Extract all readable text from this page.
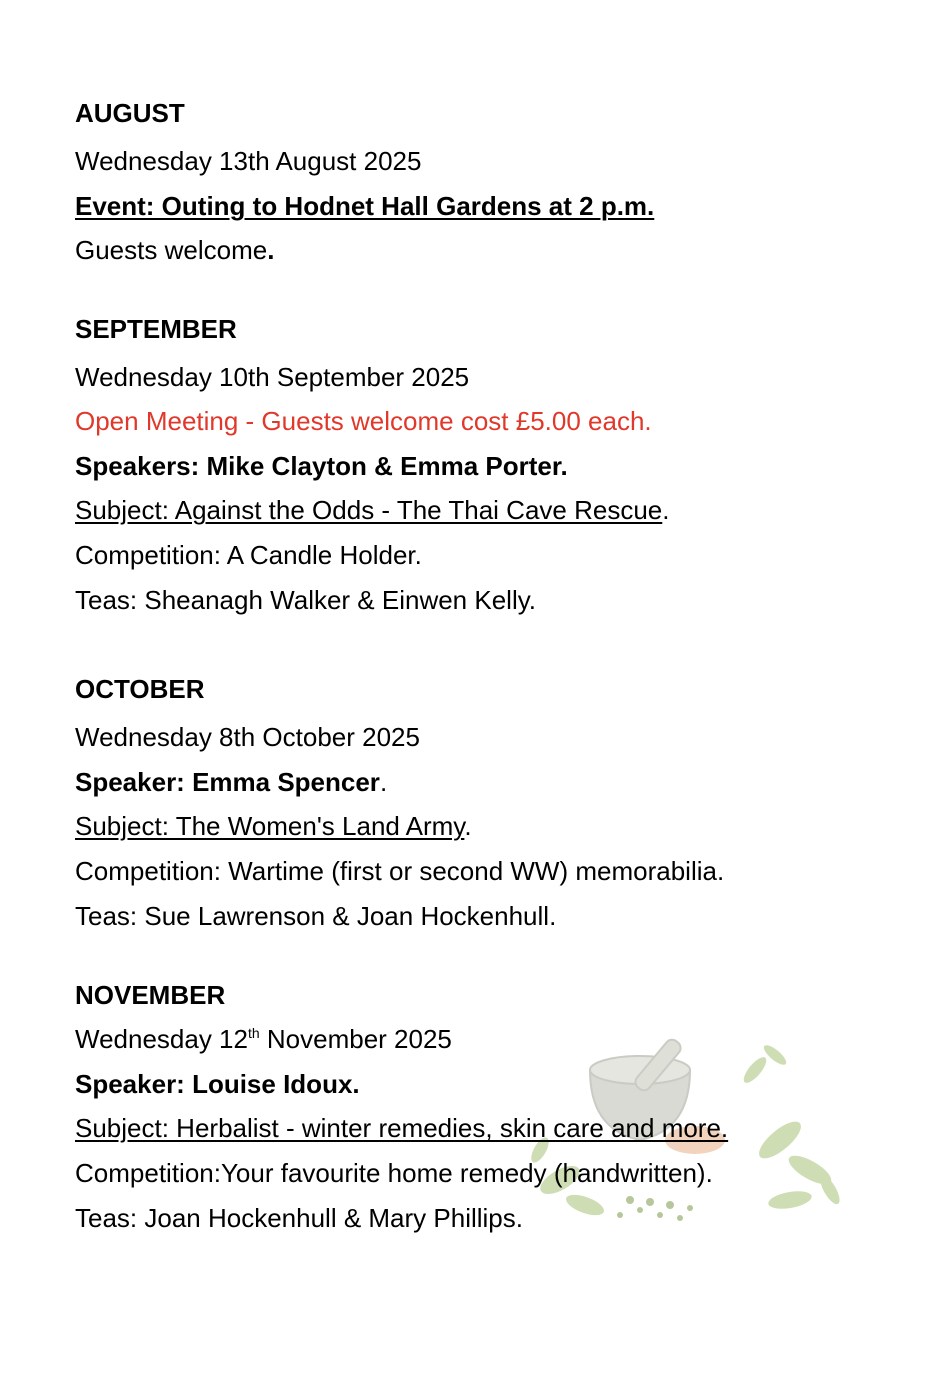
AUGUST
Wednesday 13th August 2025
Event: Outing to Hodnet Hall Gardens at 2 p.m.
Guests welcome.
SEPTEMBER
Wednesday 10th September 2025
Open Meeting - Guests welcome cost £5.00 each.
Speakers: Mike Clayton & Emma Porter.
Subject: Against the Odds - The Thai Cave Rescue.
Competition: A Candle Holder.
Teas: Sheanagh Walker & Einwen Kelly.
OCTOBER
Wednesday 8th October 2025
Speaker: Emma Spencer.
Subject: The Women's Land Army.
Competition: Wartime (first or second WW) memorabilia.
Teas: Sue Lawrenson & Joan Hockenhull.
NOVEMBER
Wednesday 12th November 2025
Speaker: Louise Idoux.
Subject: Herbalist - winter remedies, skin care and more.
Competition:Your favourite home remedy (handwritten).
Teas: Joan Hockenhull & Mary Phillips.
